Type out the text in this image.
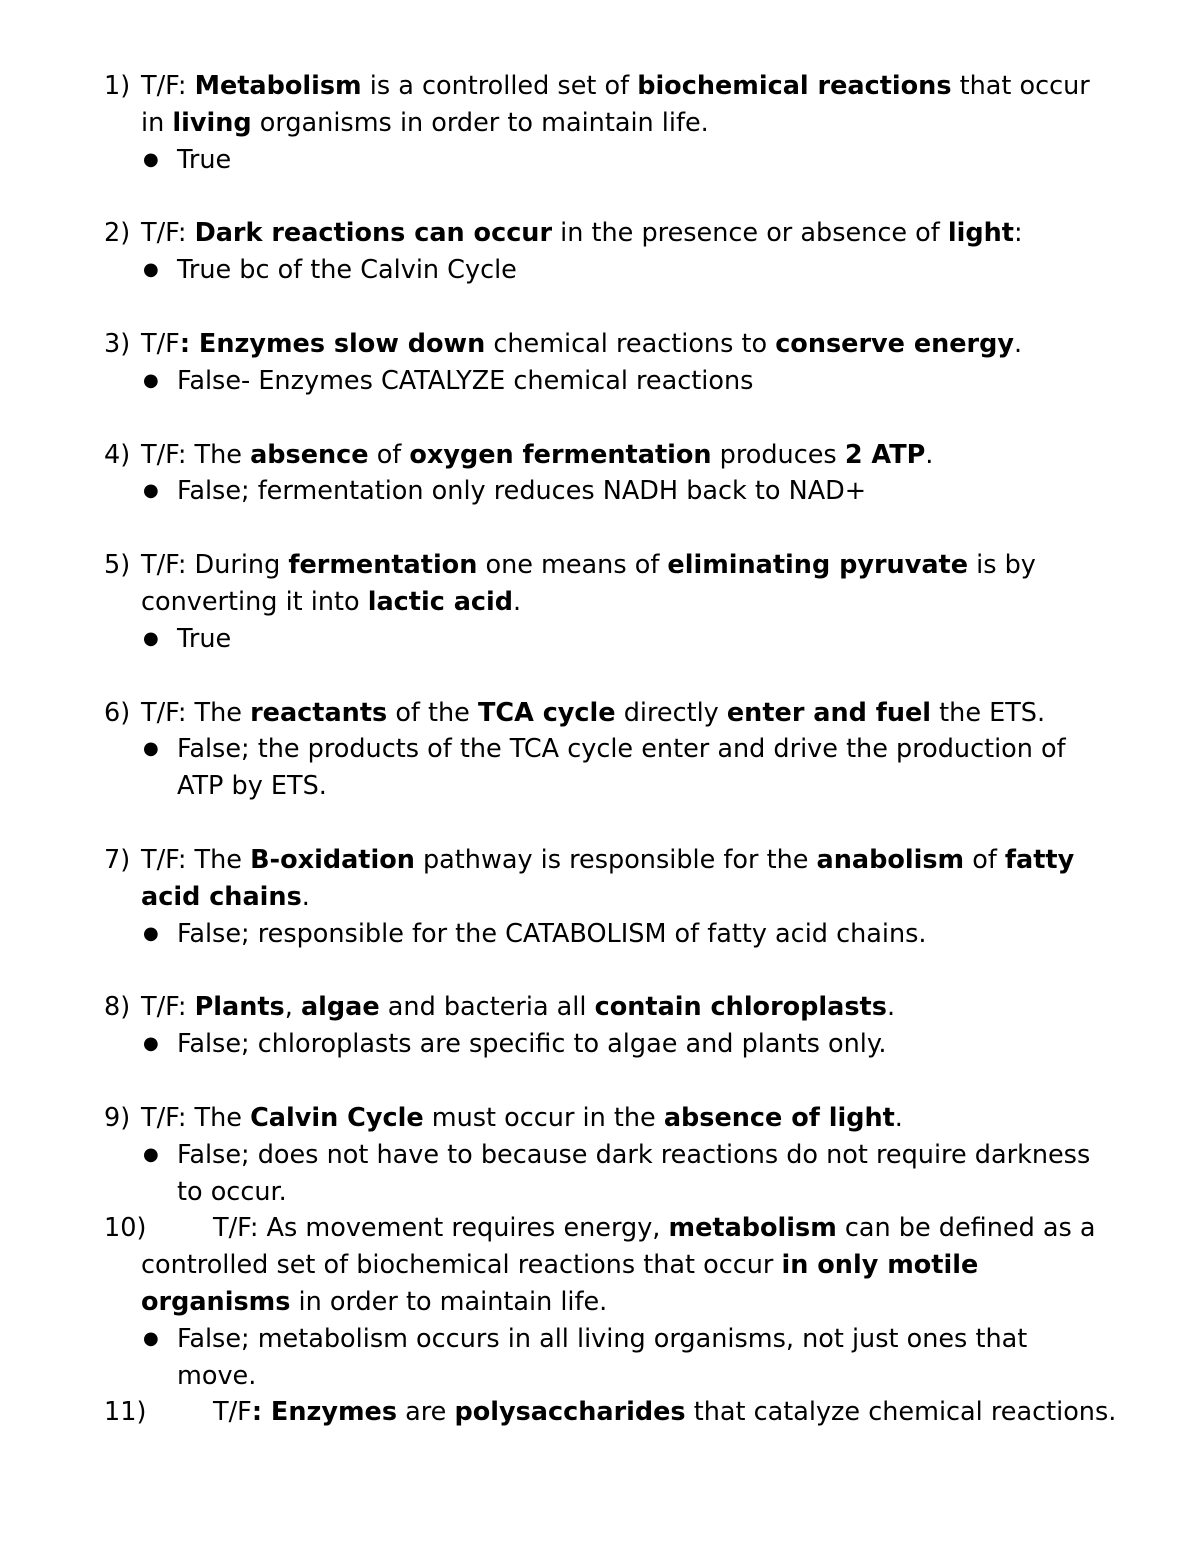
1) T/F: Metabolism is a controlled set of biochemical reactions that occur in living organisms in order to maintain life.
● True
2) T/F: Dark reactions can occur in the presence or absence of light:
● True bc of the Calvin Cycle
3) T/F: Enzymes slow down chemical reactions to conserve energy.
● False- Enzymes CATALYZE chemical reactions
4) T/F: The absence of oxygen fermentation produces 2 ATP.
● False; fermentation only reduces NADH back to NAD+
5) T/F: During fermentation one means of eliminating pyruvate is by converting it into lactic acid.
● True
6) T/F: The reactants of the TCA cycle directly enter and fuel the ETS.
● False; the products of the TCA cycle enter and drive the production of ATP by ETS.
7) T/F: The B-oxidation pathway is responsible for the anabolism of fatty acid chains.
● False; responsible for the CATABOLISM of fatty acid chains.
8) T/F: Plants, algae and bacteria all contain chloroplasts.
● False; chloroplasts are specific to algae and plants only.
9) T/F: The Calvin Cycle must occur in the absence of light.
● False; does not have to because dark reactions do not require darkness to occur.
10)	T/F: As movement requires energy, metabolism can be defined as a controlled set of biochemical reactions that occur in only motile organisms in order to maintain life.
● False; metabolism occurs in all living organisms, not just ones that move.
11)	T/F: Enzymes are polysaccharides that catalyze chemical reactions.
